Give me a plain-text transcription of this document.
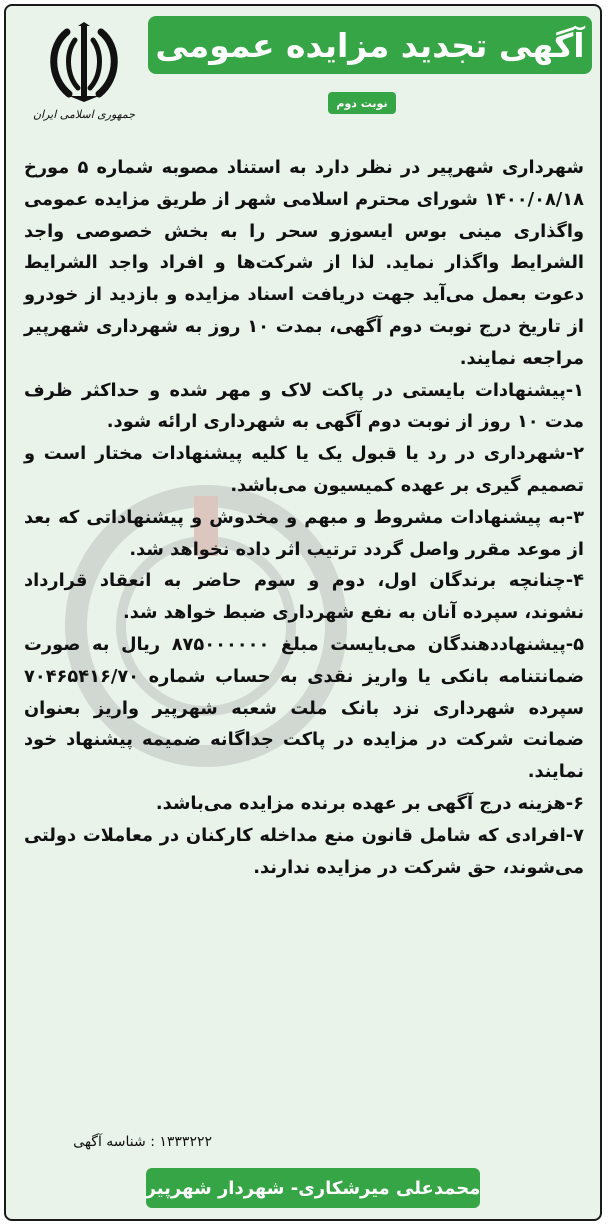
جمهوری اسلامی ایران
آگهی تجدید مزایده عمومی
نوبت دوم

شهرداری شهرپیر در نظر دارد به استناد مصوبه شماره ۵ مورخ ۱۴۰۰/۰۸/۱۸ شورای محترم اسلامی شهر از طریق مزایده عمومی واگذاری مینی بوس ایسوزو سحر را به بخش خصوصی واجد الشرایط واگذار نماید. لذا از شرکت‌ها و افراد واجد الشرایط دعوت بعمل می‌آید جهت دریافت اسناد مزایده و بازدید از خودرو از تاریخ درج نوبت دوم آگهی، بمدت ۱۰ روز به شهرداری شهرپیر مراجعه نمایند.

۱-پیشنهادات بایستی در پاکت لاک و مهر شده و حداکثر ظرف مدت ۱۰ روز از نوبت دوم آگهی به شهرداری ارائه شود.

۲-شهرداری در رد یا قبول یک یا کلیه پیشنهادات مختار است و تصمیم گیری بر عهده کمیسیون می‌باشد.

۳-به پیشنهادات مشروط و مبهم و مخدوش و پیشنهاداتی که بعد از موعد مقرر واصل گردد ترتیب اثر داده نخواهد شد.

۴-چنانچه برندگان اول، دوم و سوم حاضر به انعقاد قرارداد نشوند، سپرده آنان به نفع شهرداری ضبط خواهد شد.

۵-پیشنهاددهندگان می‌بایست مبلغ ۸۷۵۰۰۰۰۰۰ ریال به صورت ضمانتنامه بانکی یا واریز نقدی به حساب شماره ۷۰۴۶۵۴۱۶/۷۰ سپرده شهرداری نزد بانک ملت شعبه شهرپیر واریز بعنوان ضمانت شرکت در مزایده در پاکت جداگانه ضمیمه پیشنهاد خود نمایند.

۶-هزینه درج آگهی بر عهده برنده مزایده می‌باشد.

۷-افرادی که شامل قانون منع مداخله کارکنان در معاملات دولتی می‌شوند، حق شرکت در مزایده ندارند.

۱۳۳۳۲۲۲ : شناسه آگهی
محمدعلی میرشکاری- شهردار شهرپیر
